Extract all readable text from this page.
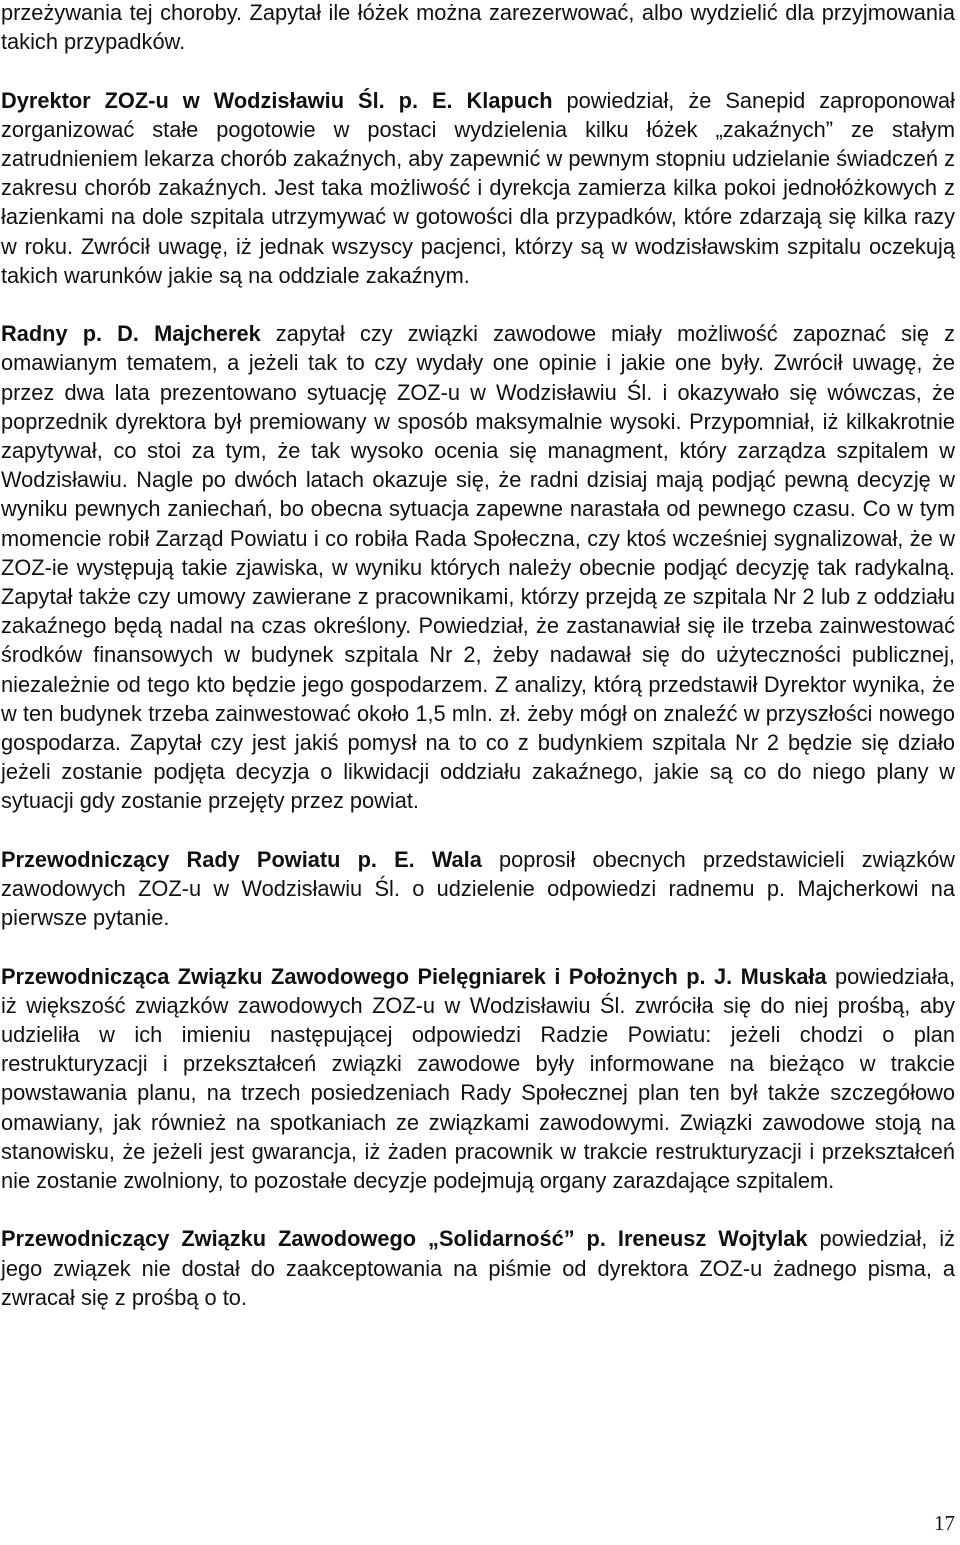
przeżywania tej choroby. Zapytał ile łóżek można zarezerwować, albo wydzielić dla przyjmowania takich przypadków.

Dyrektor ZOZ-u w Wodzisławiu Śl. p. E. Klapuch powiedział, że Sanepid zaproponował zorganizować stałe pogotowie w postaci wydzielenia kilku łóżek „zakaźnych” ze stałym zatrudnieniem lekarza chorób zakaźnych, aby zapewnić w pewnym stopniu udzielanie świadczeń z zakresu chorób zakaźnych. Jest taka możliwość i dyrekcja zamierza kilka pokoi jednołóżkowych z łazienkami na dole szpitala utrzymywać w gotowości dla przypadków, które zdarzają się kilka razy w roku. Zwrócił uwagę, iż jednak wszyscy pacjenci, którzy są w wodzisławskim szpitalu oczekują takich warunków jakie są na oddziale zakaźnym.

Radny p. D. Majcherek zapytał czy związki zawodowe miały możliwość zapoznać się z omawianym tematem, a jeżeli tak to czy wydały one opinie i jakie one były. Zwrócił uwagę, że przez dwa lata prezentowano sytuację ZOZ-u w Wodzisławiu Śl. i okazywało się wówczas, że poprzednik dyrektora był premiowany w sposób maksymalnie wysoki. Przypomniał, iż kilkakrotnie zapytywał, co stoi za tym, że tak wysoko ocenia się managment, który zarządza szpitalem w Wodzisławiu. Nagle po dwóch latach okazuje się, że radni dzisiaj mają podjąć pewną decyzję w wyniku pewnych zaniechań, bo obecna sytuacja zapewne narastała od pewnego czasu. Co w tym momencie robił Zarząd Powiatu i co robiła Rada Społeczna, czy ktoś wcześniej sygnalizował, że w ZOZ-ie występują takie zjawiska, w wyniku których należy obecnie podjąć decyzję tak radykalną. Zapytał także czy umowy zawierane z pracownikami, którzy przejdą ze szpitala Nr 2 lub z oddziału zakaźnego będą nadal na czas określony. Powiedział, że zastanawiał się ile trzeba zainwestować środków finansowych w budynek szpitala Nr 2, żeby nadawał się do użyteczności publicznej, niezależnie od tego kto będzie jego gospodarzem. Z analizy, którą przedstawił Dyrektor wynika, że w ten budynek trzeba zainwestować około 1,5 mln. zł. żeby mógł on znaleźć w przyszłości nowego gospodarza. Zapytał czy jest jakiś pomysł na to co z budynkiem szpitala Nr 2 będzie się działo jeżeli zostanie podjęta decyzja o likwidacji oddziału zakaźnego, jakie są co do niego plany w sytuacji gdy zostanie przejęty przez powiat.

Przewodniczący Rady Powiatu p. E. Wala poprosił obecnych przedstawicieli związków zawodowych ZOZ-u w Wodzisławiu Śl. o udzielenie odpowiedzi radnemu p. Majcherkowi na pierwsze pytanie.

Przewodnicząca Związku Zawodowego Pielęgniarek i Położnych p. J. Muskała powiedziała, iż większość związków zawodowych ZOZ-u w Wodzisławiu Śl. zwróciła się do niej prośbą, aby udzieliła w ich imieniu następującej odpowiedzi Radzie Powiatu: jeżeli chodzi o plan restrukturyzacji i przekształceń związki zawodowe były informowane na bieżąco w trakcie powstawania planu, na trzech posiedzeniach Rady Społecznej plan ten był także szczegółowo omawiany, jak również na spotkaniach ze związkami zawodowymi. Związki zawodowe stoją na stanowisku, że jeżeli jest gwarancja, iż żaden pracownik w trakcie restrukturyzacji i przekształceń nie zostanie zwolniony, to pozostałe decyzje podejmują organy zarazdające szpitalem.

Przewodniczący Związku Zawodowego „Solidarność” p. Ireneusz Wojtylak powiedział, iż jego związek nie dostał do zaakceptowania na piśmie od dyrektora ZOZ-u żadnego pisma, a zwracał się z prośbą o to.

17
